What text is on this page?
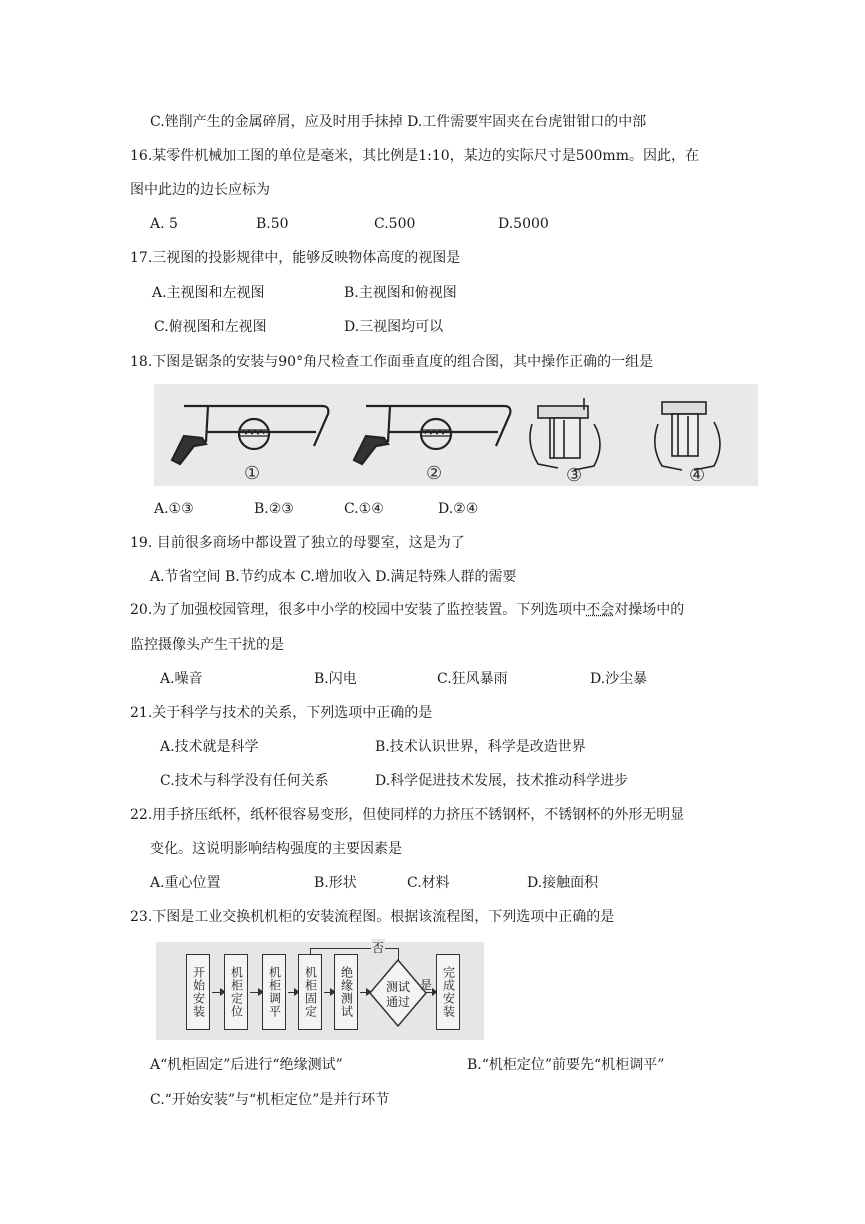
C.锉削产生的金属碎屑，应及时用手抹掉 D.工件需要牢固夹在台虎钳钳口的中部
16.某零件机械加工图的单位是毫米，其比例是1:10，某边的实际尺寸是500mm。因此，在
图中此边的边长应标为
A. 5	B.50	C.500	D.5000
17.三视图的投影规律中，能够反映物体高度的视图是
A.主视图和左视图	B.主视图和俯视图
C.俯视图和左视图	D.三视图均可以
18.下图是锯条的安装与90°角尺检查工作面垂直度的组合图，其中操作正确的一组是
①	②	③	④
A.①③	B.②③	C.①④	D.②④
19. 目前很多商场中都设置了独立的母婴室，这是为了
A.节省空间 B.节约成本 C.增加收入 D.满足特殊人群的需要
20.为了加强校园管理，很多中小学的校园中安装了监控装置。下列选项中不会对操场中的
监控摄像头产生干扰的是
A.噪音	B.闪电	C.狂风暴雨	D.沙尘暴
21.关于科学与技术的关系，下列选项中正确的是
A.技术就是科学	B.技术认识世界，科学是改造世界
C.技术与科学没有任何关系	D.科学促进技术发展，技术推动科学进步
22.用手挤压纸杯，纸杯很容易变形，但使同样的力挤压不锈钢杯，不锈钢杯的外形无明显
变化。这说明影响结构强度的主要因素是
A.重心位置	B.形状	C.材料	D.接触面积
23.下图是工业交换机机柜的安装流程图。根据该流程图，下列选项中正确的是
开始安装	机柜定位	机柜调平	机柜固定	绝缘测试	测试通过
否
是 完成安装
A“机柜固定”后进行“绝缘测试”	B.“机柜定位”前要先“机柜调平”
C.“开始安装”与“机柜定位”是并行环节
